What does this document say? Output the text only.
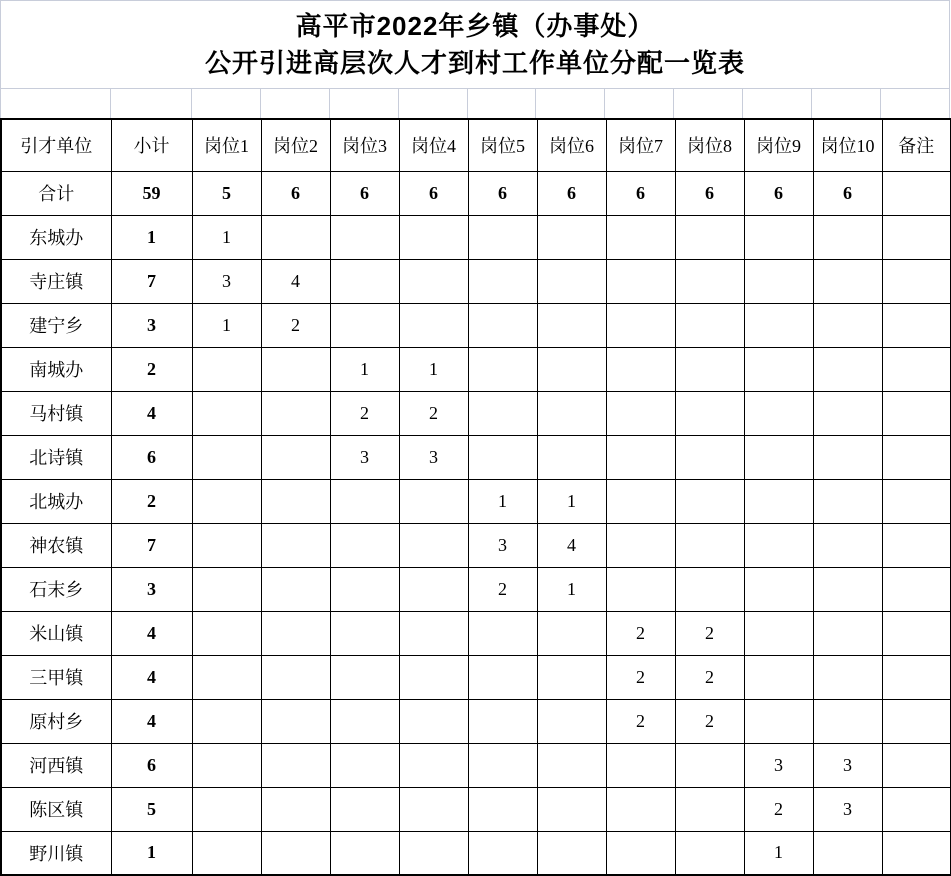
高平市2022年乡镇（办事处）
公开引进高层次人才到村工作单位分配一览表
引才单位	小计	岗位1	岗位2	岗位3	岗位4	岗位5	岗位6	岗位7	岗位8	岗位9	岗位10	备注
合计	59	5	6	6	6	6	6	6	6	6	6	
东城办	1	1										
寺庄镇	7	3	4									
建宁乡	3	1	2									
南城办	2			1	1							
马村镇	4			2	2							
北诗镇	6			3	3							
北城办	2					1	1					
神农镇	7					3	4					
石末乡	3					2	1					
米山镇	4							2	2			
三甲镇	4							2	2			
原村乡	4							2	2			
河西镇	6									3	3	
陈区镇	5									2	3	
野川镇	1									1		
